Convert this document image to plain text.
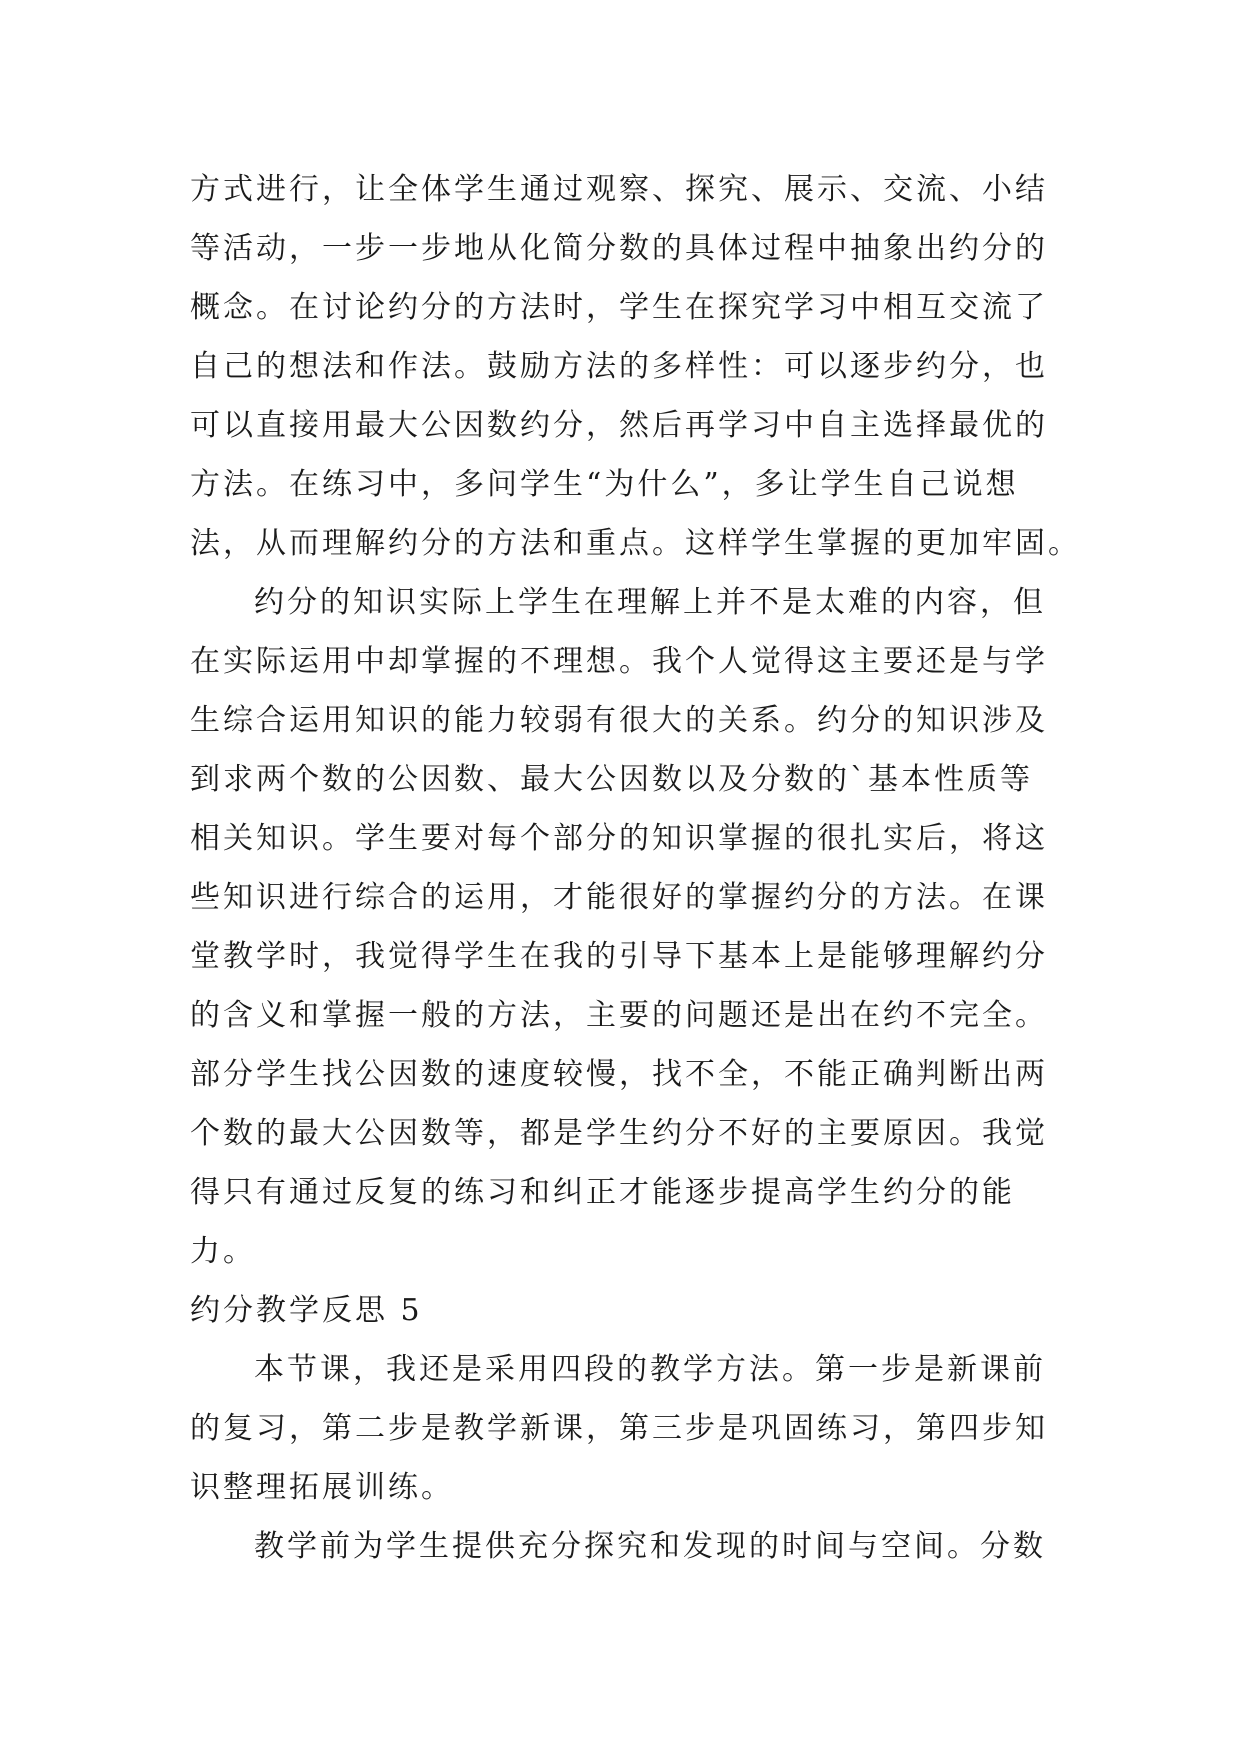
方式进行，让全体学生通过观察、探究、展示、交流、小结
等活动，一步一步地从化简分数的具体过程中抽象出约分的
概念。在讨论约分的方法时，学生在探究学习中相互交流了
自己的想法和作法。鼓励方法的多样性：可以逐步约分，也
可以直接用最大公因数约分，然后再学习中自主选择最优的
方法。在练习中，多问学生“为什么”，多让学生自己说想
法，从而理解约分的方法和重点。这样学生掌握的更加牢固。
约分的知识实际上学生在理解上并不是太难的内容，但
在实际运用中却掌握的不理想。我个人觉得这主要还是与学
生综合运用知识的能力较弱有很大的关系。约分的知识涉及
到求两个数的公因数、最大公因数以及分数的`基本性质等
相关知识。学生要对每个部分的知识掌握的很扎实后，将这
些知识进行综合的运用，才能很好的掌握约分的方法。在课
堂教学时，我觉得学生在我的引导下基本上是能够理解约分
的含义和掌握一般的方法，主要的问题还是出在约不完全。
部分学生找公因数的速度较慢，找不全，不能正确判断出两
个数的最大公因数等，都是学生约分不好的主要原因。我觉
得只有通过反复的练习和纠正才能逐步提高学生约分的能
力。
约分教学反思 5
本节课，我还是采用四段的教学方法。第一步是新课前
的复习，第二步是教学新课，第三步是巩固练习，第四步知
识整理拓展训练。
教学前为学生提供充分探究和发现的时间与空间。分数
